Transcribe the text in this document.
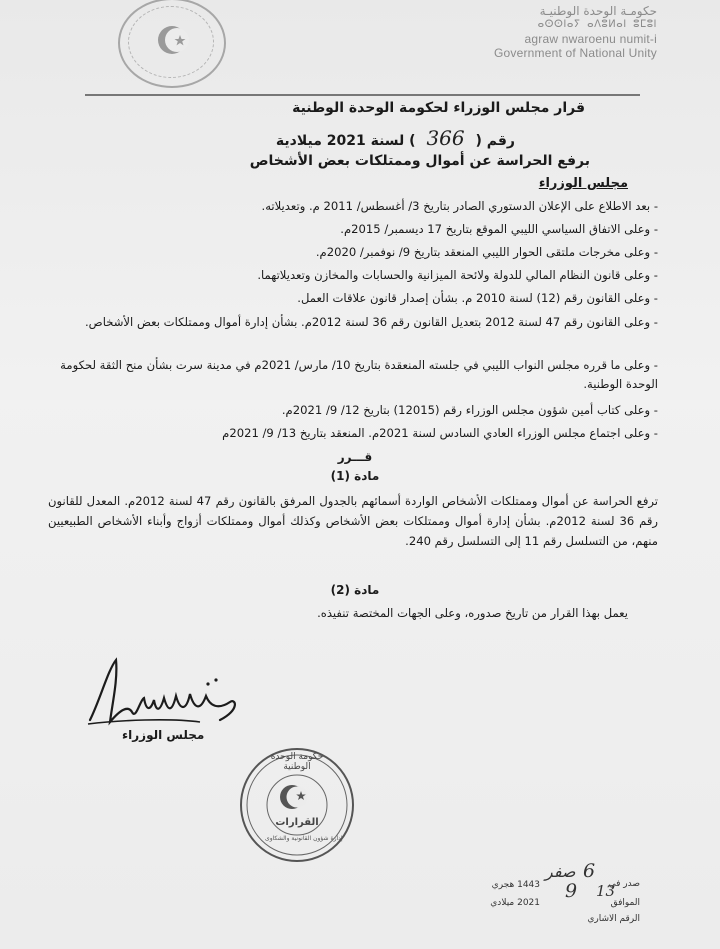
حكومـة الوحدة الوطنيـة
ⴰⵙⵙⵏⴰⵢ ⴰⴷⵓⵍⴰⵏ ⵓⵎⵓⵏ
agraw nwaroenu numit-i
Government of National Unity
قرار مجلس الوزراء لحكومة الوحدة الوطنية
رقم ( 366 ) لسنة 2021 ميلادية
برفع الحراسة عن أموال وممتلكات بعض الأشخاص
مجلس الوزراء
- بعد الاطلاع على الإعلان الدستوري الصادر بتاريخ 3/ أغسطس/ 2011 م. وتعديلاته.
- وعلى الاتفاق السياسي الليبي الموقع بتاريخ 17 ديسمبر/ 2015م.
- وعلى مخرجات ملتقى الحوار الليبي المنعقد بتاريخ 9/ نوفمبر/ 2020م.
- وعلى قانون النظام المالي للدولة ولائحة الميزانية والحسابات والمخازن وتعديلاتهما.
- وعلى القانون رقم (12) لسنة 2010 م. بشأن إصدار قانون علاقات العمل.
- وعلى القانون رقم 47 لسنة 2012 بتعديل القانون رقم 36 لسنة 2012م. بشأن إدارة أموال وممتلكات بعض الأشخاص.
- وعلى ما قرره مجلس النواب الليبي في جلسته المنعقدة بتاريخ 10/ مارس/ 2021م في مدينة سرت بشأن منح الثقة لحكومة الوحدة الوطنية.
- وعلى كتاب أمين شؤون مجلس الوزراء رقم (12015) بتاريخ 12/ 9/ 2021م.
- وعلى اجتماع مجلس الوزراء العادي السادس لسنة 2021م. المنعقد بتاريخ 13/ 9/ 2021م
قـــرر
مادة (1)
ترفع الحراسة عن أموال وممتلكات الأشخاص الواردة أسمائهم بالجدول المرفق بالقانون رقم 47 لسنة 2012م. المعدل للقانون رقم 36 لسنة 2012م. بشأن إدارة أموال وممتلكات بعض الأشخاص وكذلك أموال وممتلكات أزواج وأبناء الأشخاص الطبيعيين منهم، من التسلسل رقم 11 إلى التسلسل رقم 240.
مادة (2)
يعمل بهذا القرار من تاريخ صدوره، وعلى الجهات المختصة تنفيذه.
مجلس الوزراء
حكومة الوحدة الوطنية
إدارة شؤون القانونية والشكاوى
القرارات
صدر في
6
صفر
1443 هجري
الموافق
9 13
2021 ميلادي
الرقم الاشاري
